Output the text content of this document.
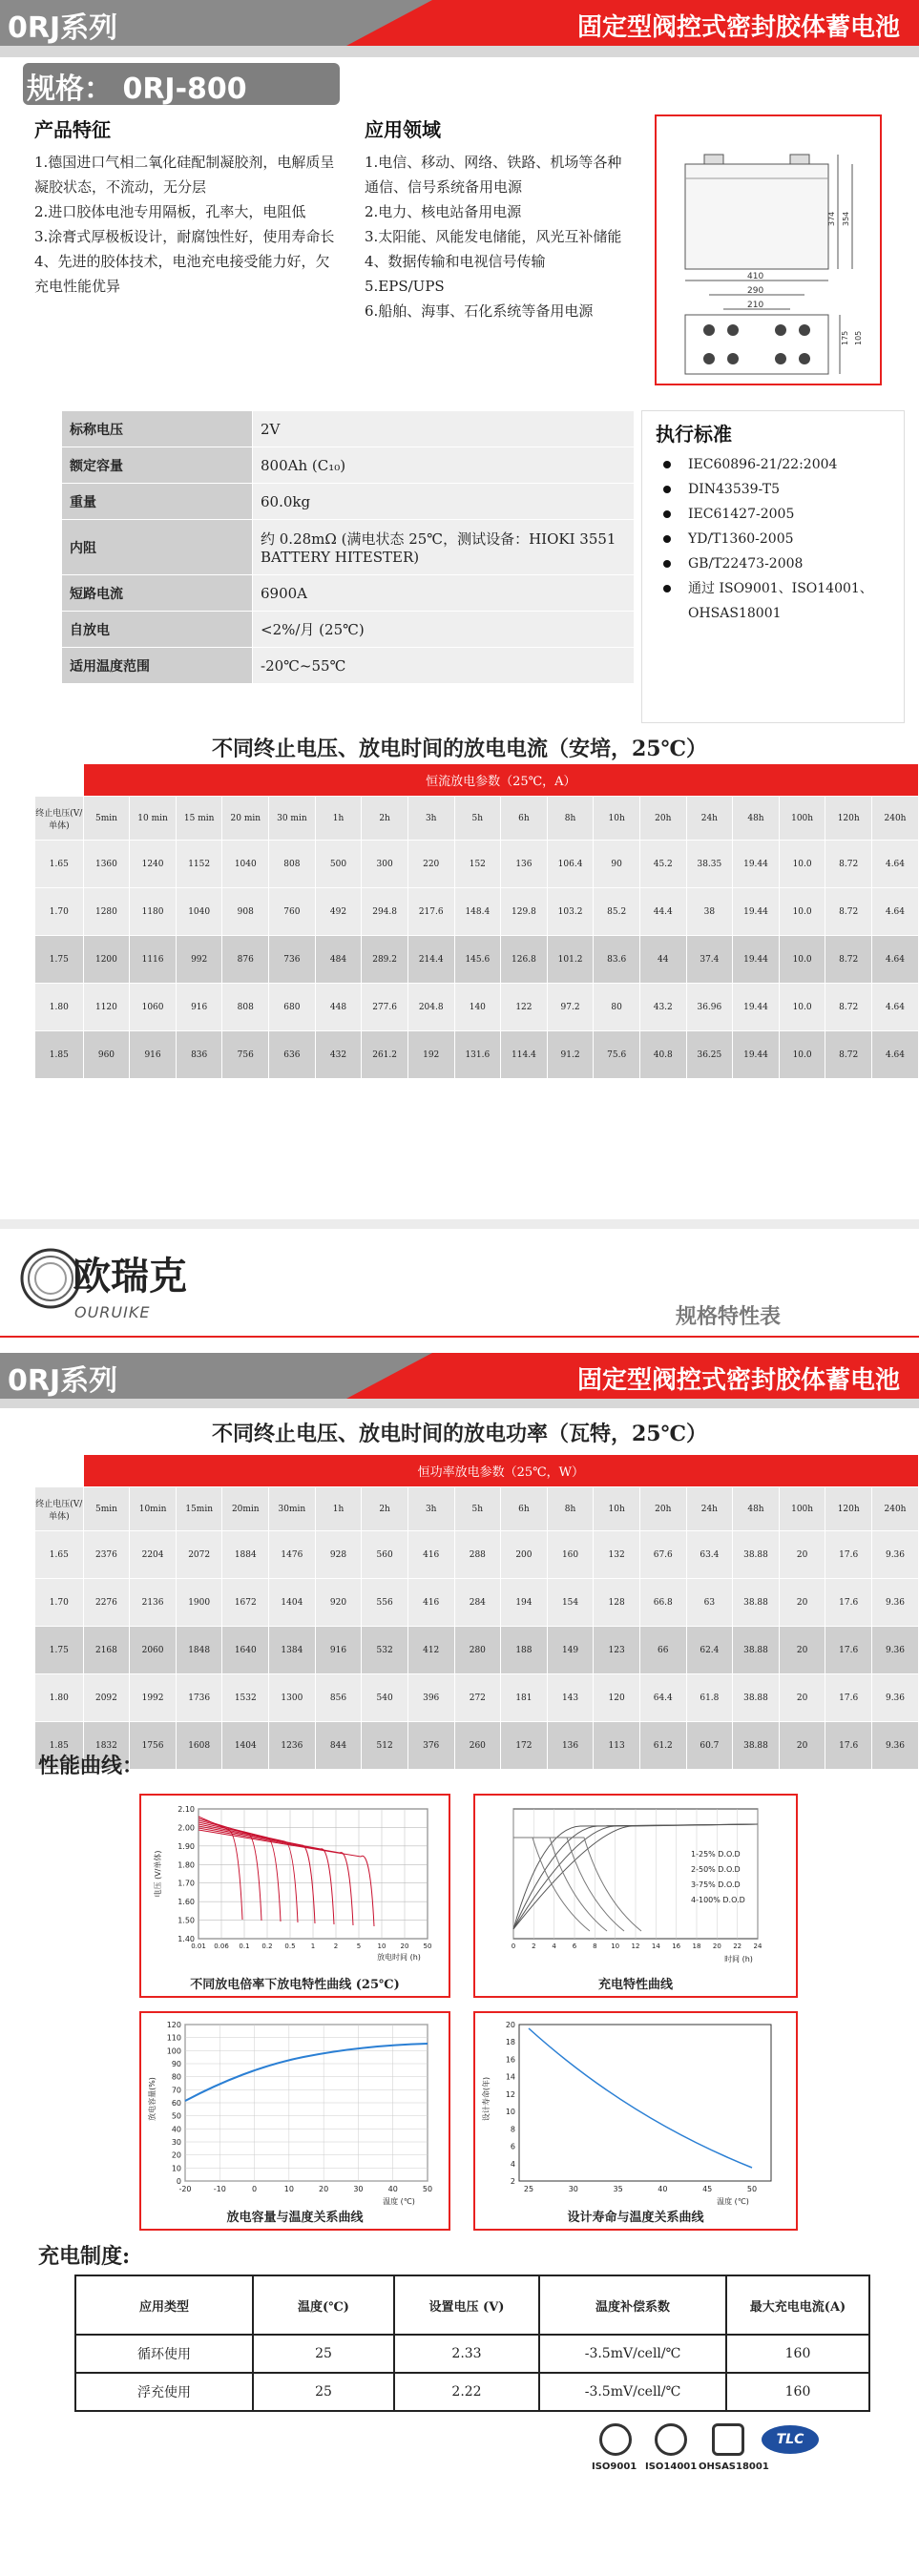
0RJ系列	固定型阀控式密封胶体蓄电池
规格： 0RJ-800
产品特征
1.德国进口气相二氧化硅配制凝胶剂，电解质呈凝胶状态，不流动，无分层
2.进口胶体电池专用隔板，孔率大，电阻低
3.涂膏式厚极板设计，耐腐蚀性好，使用寿命长
4、先进的胶体技术，电池充电接受能力好，欠充电性能优异
应用领域
1.电信、移动、网络、铁路、机场等各种通信、信号系统备用电源
2.电力、核电站备用电源
3.太阳能、风能发电储能，风光互补储能
4、数据传输和电视信号传输
5.EPS/UPS
6.船舶、海事、石化系统等备用电源
374 354
410
290
210
175 105
标称电压	2V
额定容量	800Ah (C₁₀)
重量	60.0kg
内阻	约 0.28mΩ (满电状态 25℃，测试设备：HIOKI 3551 BATTERY HITESTER)
短路电流	6900A
自放电	<2%/月 (25℃)
适用温度范围	-20℃~55℃
执行标准
IEC60896-21/22:2004
DIN43539-T5
IEC61427-2005
YD/T1360-2005
GB/T22473-2008
通过 ISO9001、ISO14001、OHSAS18001
不同终止电压、放电时间的放电电流（安培，25℃）
	恒流放电参数（25℃，A）																	
终止电压(V/单体)	5min	10 min	15 min	20 min	30 min	1h	2h	3h	5h	6h	8h	10h	20h	24h	48h	100h	120h	240h
1.65	1360	1240	1152	1040	808	500	300	220	152	136	106.4	90	45.2	38.35	19.44	10.0	8.72	4.64
1.70	1280	1180	1040	908	760	492	294.8	217.6	148.4	129.8	103.2	85.2	44.4	38	19.44	10.0	8.72	4.64
1.75	1200	1116	992	876	736	484	289.2	214.4	145.6	126.8	101.2	83.6	44	37.4	19.44	10.0	8.72	4.64
1.80	1120	1060	916	808	680	448	277.6	204.8	140	122	97.2	80	43.2	36.96	19.44	10.0	8.72	4.64
1.85	960	916	836	756	636	432	261.2	192	131.6	114.4	91.2	75.6	40.8	36.25	19.44	10.0	8.72	4.64
欧瑞克
OURUIKE	规格特性表
0RJ系列	固定型阀控式密封胶体蓄电池
不同终止电压、放电时间的放电功率（瓦特，25℃）
	恒功率放电参数（25℃，W）																	
终止电压(V/单体)	5min	10min	15min	20min	30min	1h	2h	3h	5h	6h	8h	10h	20h	24h	48h	100h	120h	240h
1.65	2376	2204	2072	1884	1476	928	560	416	288	200	160	132	67.6	63.4	38.88	20	17.6	9.36
1.70	2276	2136	1900	1672	1404	920	556	416	284	194	154	128	66.8	63	38.88	20	17.6	9.36
1.75	2168	2060	1848	1640	1384	916	532	412	280	188	149	123	66	62.4	38.88	20	17.6	9.36
1.80	2092	1992	1736	1532	1300	856	540	396	272	181	143	120	64.4	61.8	38.88	20	17.6	9.36
1.85	1832	1756	1608	1404	1236	844	512	376	260	172	136	113	61.2	60.7	38.88	20	17.6	9.36
性能曲线：
2.10
2.00
1.90
1.80
1.70
1.60
1.50
1.40
0.01 0.06 0.1 0.2 0.5 1	2	5 10 20 50
电压 (V/单体)
放电时间 (h)
不同放电倍率下放电特性曲线 (25℃)
0 2 4 6 8 10 12 14 16 18 20 22 24
1-25% D.O.D
2-50% D.O.D
3-75% D.O.D
4-100% D.O.D
时间 (h)
充电特性曲线
120
110
100
90
80
70
60
50
40
30
20
10
0
-20	-10	0	10	20	30	40	50
放电容量(%)
温度 (℃)
放电容量与温度关系曲线
20
18
16
14
12
10
8
6
4
2
25	30	35	40	45	50
设计寿命(年)
温度 (℃)
设计寿命与温度关系曲线
充电制度:
应用类型	温度(℃)	设置电压 (V)	温度补偿系数	最大充电电流(A)
循环使用	25	2.33	-3.5mV/cell/℃	160
浮充使用	25	2.22	-3.5mV/cell/℃	160
ISO9001 ISO14001 OHSAS18001
TLC
